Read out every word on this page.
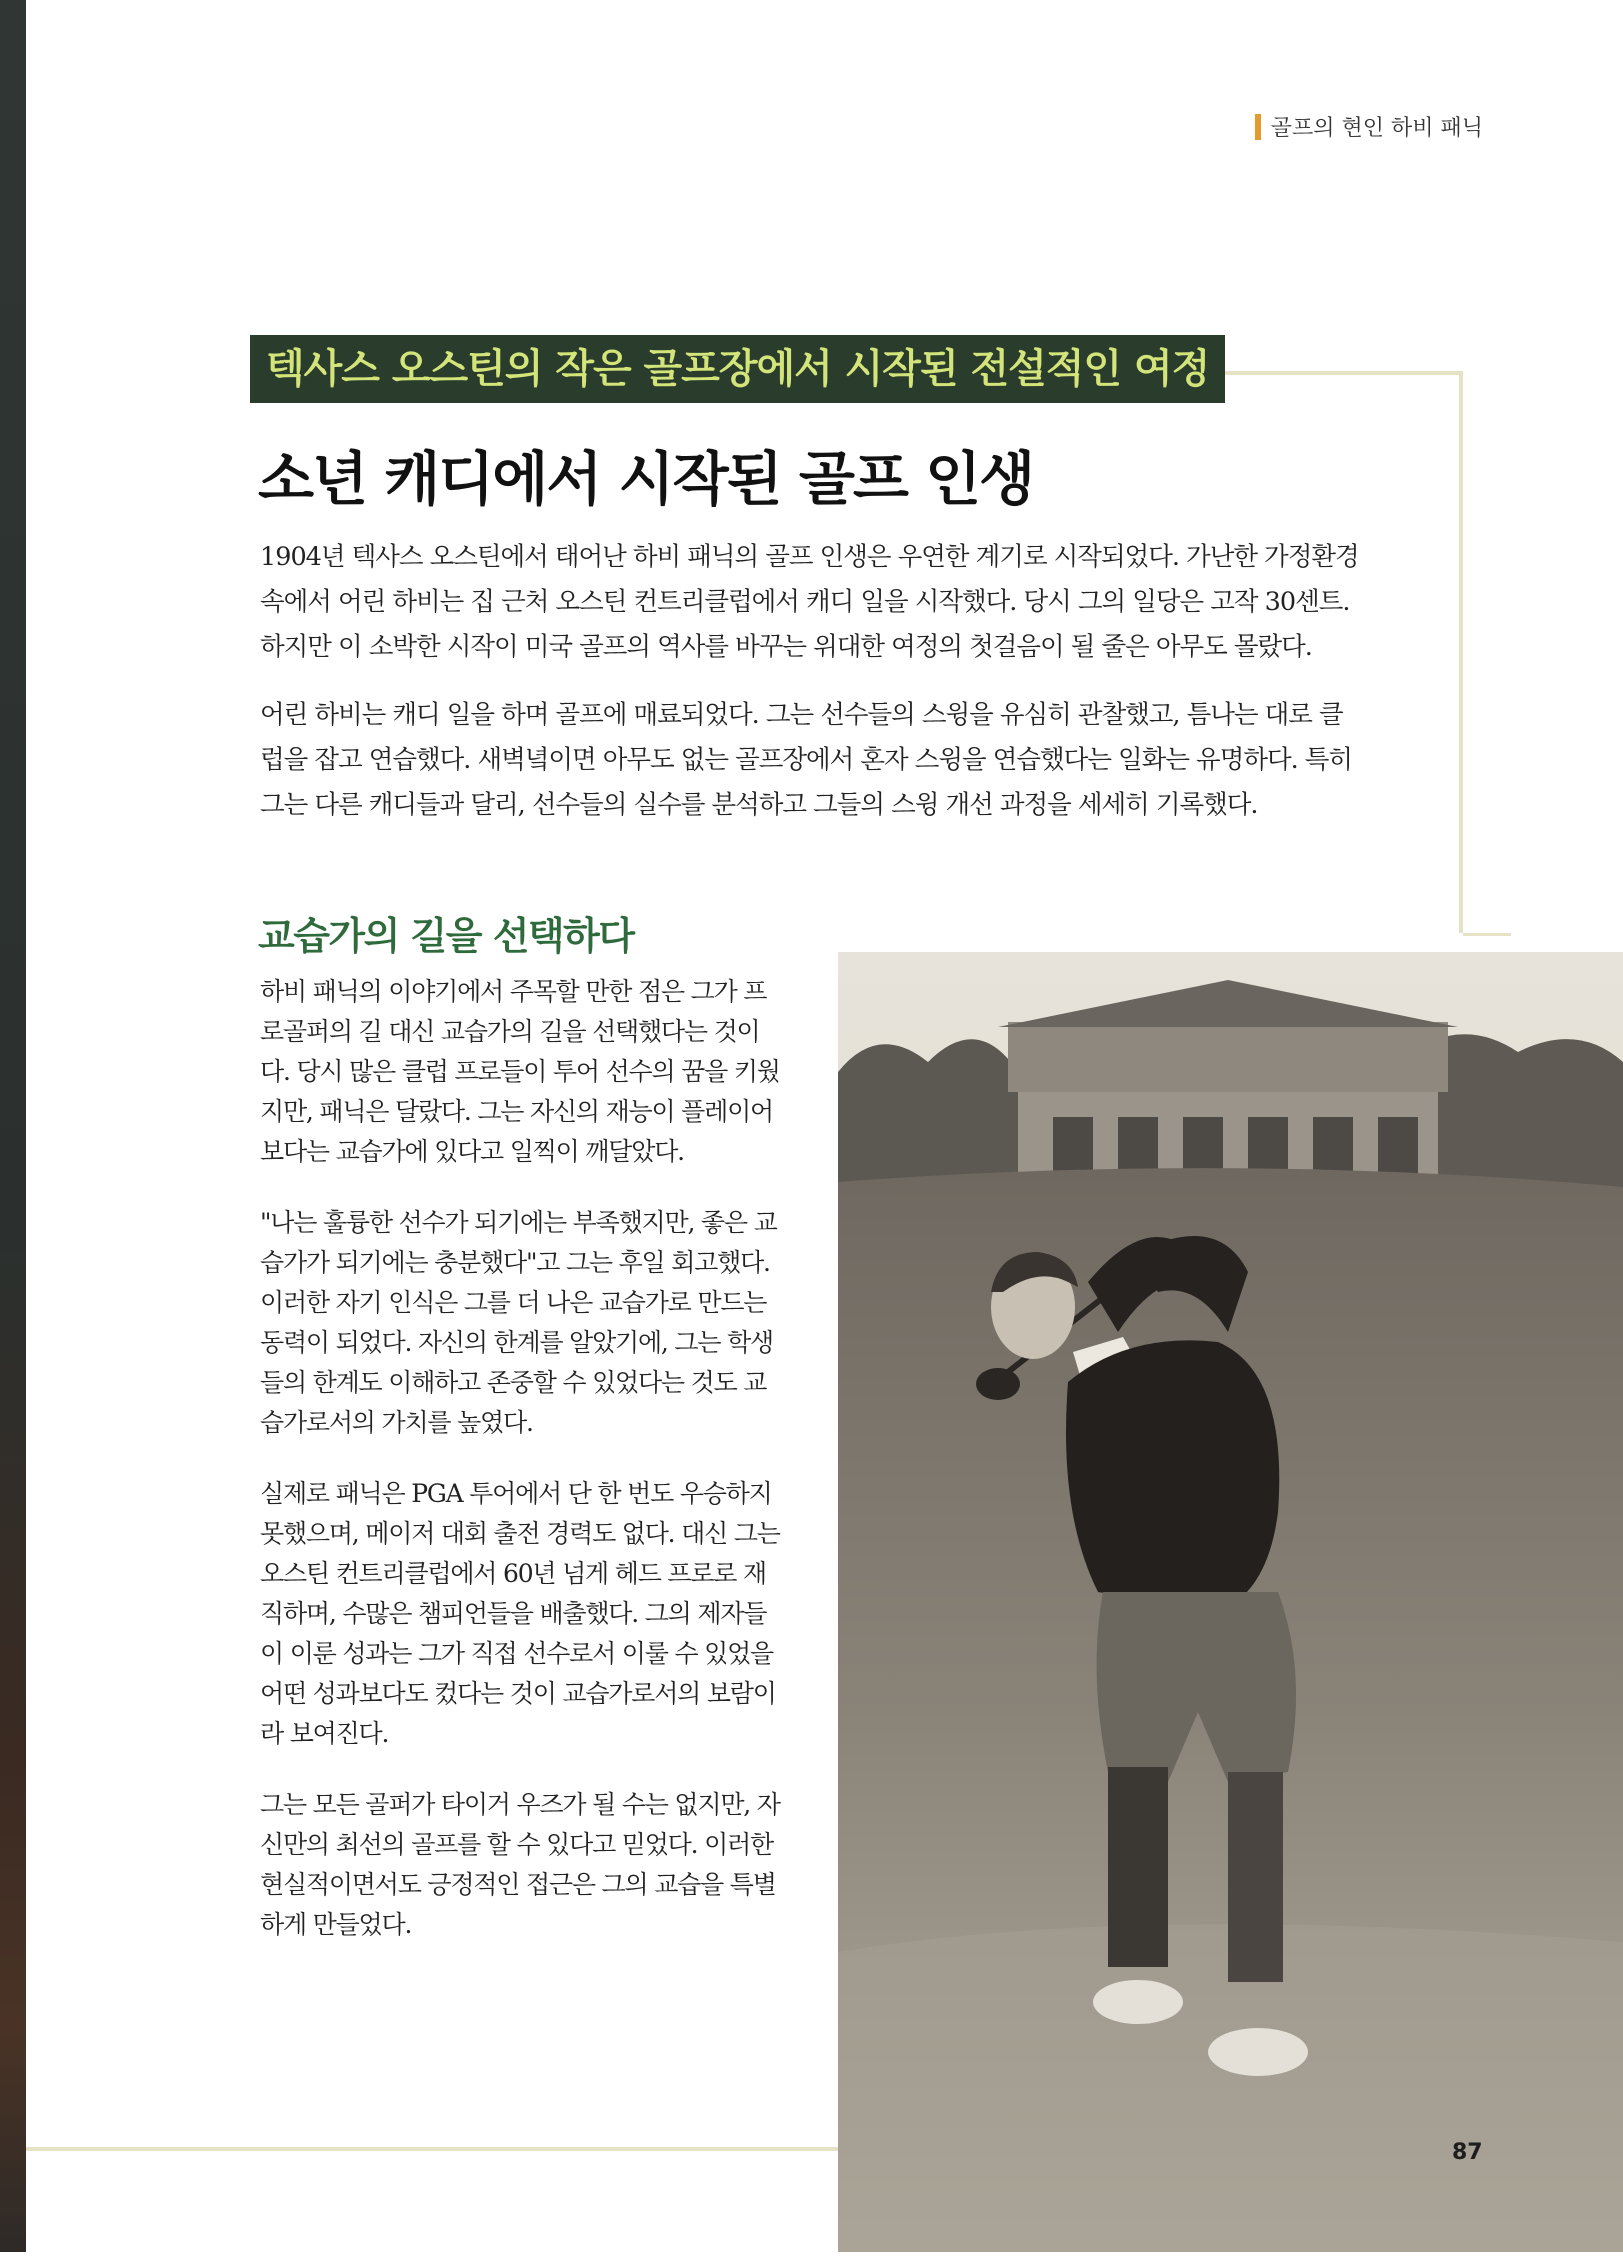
골프의 현인 하비 패닉
텍사스 오스틴의 작은 골프장에서 시작된 전설적인 여정
소년 캐디에서 시작된 골프 인생

1904년 텍사스 오스틴에서 태어난 하비 패닉의 골프 인생은 우연한 계기로 시작되었다. 가난한 가정환경 속에서 어린 하비는 집 근처 오스틴 컨트리클럽에서 캐디 일을 시작했다. 당시 그의 일당은 고작 30센트. 하지만 이 소박한 시작이 미국 골프의 역사를 바꾸는 위대한 여정의 첫걸음이 될 줄은 아무도 몰랐다.

어린 하비는 캐디 일을 하며 골프에 매료되었다. 그는 선수들의 스윙을 유심히 관찰했고, 틈나는 대로 클럽을 잡고 연습했다. 새벽녘이면 아무도 없는 골프장에서 혼자 스윙을 연습했다는 일화는 유명하다. 특히 그는 다른 캐디들과 달리, 선수들의 실수를 분석하고 그들의 스윙 개선 과정을 세세히 기록했다.

교습가의 길을 선택하다

하비 패닉의 이야기에서 주목할 만한 점은 그가 프로골퍼의 길 대신 교습가의 길을 선택했다는 것이다. 당시 많은 클럽 프로들이 투어 선수의 꿈을 키웠지만, 패닉은 달랐다. 그는 자신의 재능이 플레이어보다는 교습가에 있다고 일찍이 깨달았다.

"나는 훌륭한 선수가 되기에는 부족했지만, 좋은 교습가가 되기에는 충분했다"고 그는 후일 회고했다. 이러한 자기 인식은 그를 더 나은 교습가로 만드는 동력이 되었다. 자신의 한계를 알았기에, 그는 학생들의 한계도 이해하고 존중할 수 있었다는 것도 교습가로서의 가치를 높였다.

실제로 패닉은 PGA 투어에서 단 한 번도 우승하지 못했으며, 메이저 대회 출전 경력도 없다. 대신 그는 오스틴 컨트리클럽에서 60년 넘게 헤드 프로로 재직하며, 수많은 챔피언들을 배출했다. 그의 제자들이 이룬 성과는 그가 직접 선수로서 이룰 수 있었을 어떤 성과보다도 컸다는 것이 교습가로서의 보람이라 보여진다.

그는 모든 골퍼가 타이거 우즈가 될 수는 없지만, 자신만의 최선의 골프를 할 수 있다고 믿었다. 이러한 현실적이면서도 긍정적인 접근은 그의 교습을 특별하게 만들었다.

87
